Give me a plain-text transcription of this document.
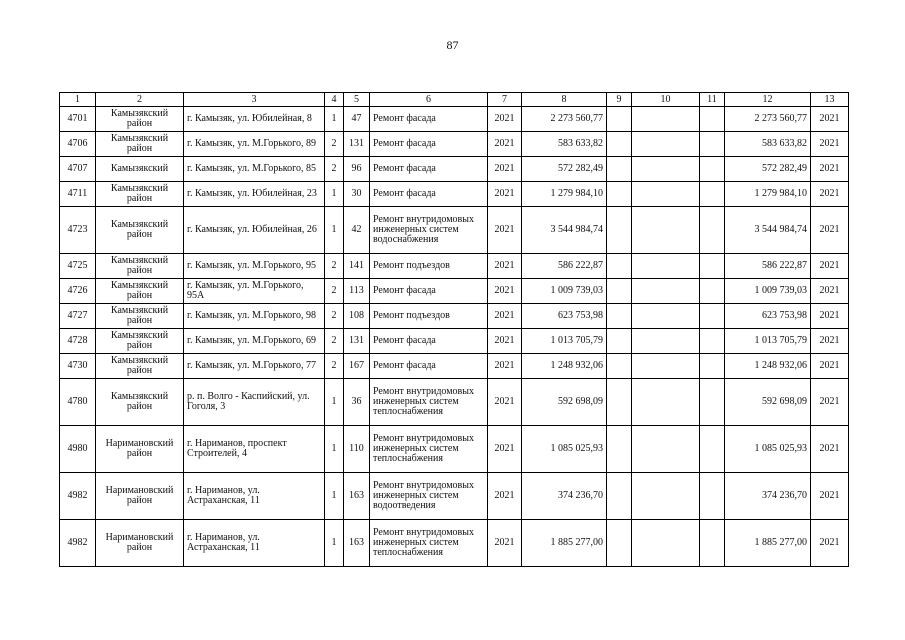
87
1	2	3	4	5	6	7	8	9	10	11	12	13
4701	Камызякский район	г. Камызяк, ул. Юбилейная, 8	1	47	Ремонт фасада	2021	2 273 560,77				2 273 560,77	2021
4706	Камызякский район	г. Камызяк, ул. М.Горького, 89	2	131	Ремонт фасада	2021	583 633,82				583 633,82	2021
4707	Камызякский	г. Камызяк, ул. М.Горького, 85	2	96	Ремонт фасада	2021	572 282,49				572 282,49	2021
4711	Камызякский район	г. Камызяк, ул. Юбилейная, 23	1	30	Ремонт фасада	2021	1 279 984,10				1 279 984,10	2021
4723	Камызякский район	г. Камызяк, ул. Юбилейная, 26	1	42	Ремонт внутридомовых инженерных систем водоснабжения	2021	3 544 984,74				3 544 984,74	2021
4725	Камызякский район	г. Камызяк, ул. М.Горького, 95	2	141	Ремонт подъездов	2021	586 222,87				586 222,87	2021
4726	Камызякский район	г. Камызяк, ул. М.Горького, 95А	2	113	Ремонт фасада	2021	1 009 739,03				1 009 739,03	2021
4727	Камызякский район	г. Камызяк, ул. М.Горького, 98	2	108	Ремонт подъездов	2021	623 753,98				623 753,98	2021
4728	Камызякский район	г. Камызяк, ул. М.Горького, 69	2	131	Ремонт фасада	2021	1 013 705,79				1 013 705,79	2021
4730	Камызякский район	г. Камызяк, ул. М.Горького, 77	2	167	Ремонт фасада	2021	1 248 932,06				1 248 932,06	2021
4780	Камызякский район	р. п. Волго - Каспийский, ул. Гоголя, 3	1	36	Ремонт внутридомовых инженерных систем теплоснабжения	2021	592 698,09				592 698,09	2021
4980	Наримановский район	г. Нариманов, проспект Строителей, 4	1	110	Ремонт внутридомовых инженерных систем теплоснабжения	2021	1 085 025,93				1 085 025,93	2021
4982	Наримановский район	г. Нариманов, ул. Астраханская, 11	1	163	Ремонт внутридомовых инженерных систем водоотведения	2021	374 236,70				374 236,70	2021
4982	Наримановский район	г. Нариманов, ул. Астраханская, 11	1	163	Ремонт внутридомовых инженерных систем теплоснабжения	2021	1 885 277,00				1 885 277,00	2021
